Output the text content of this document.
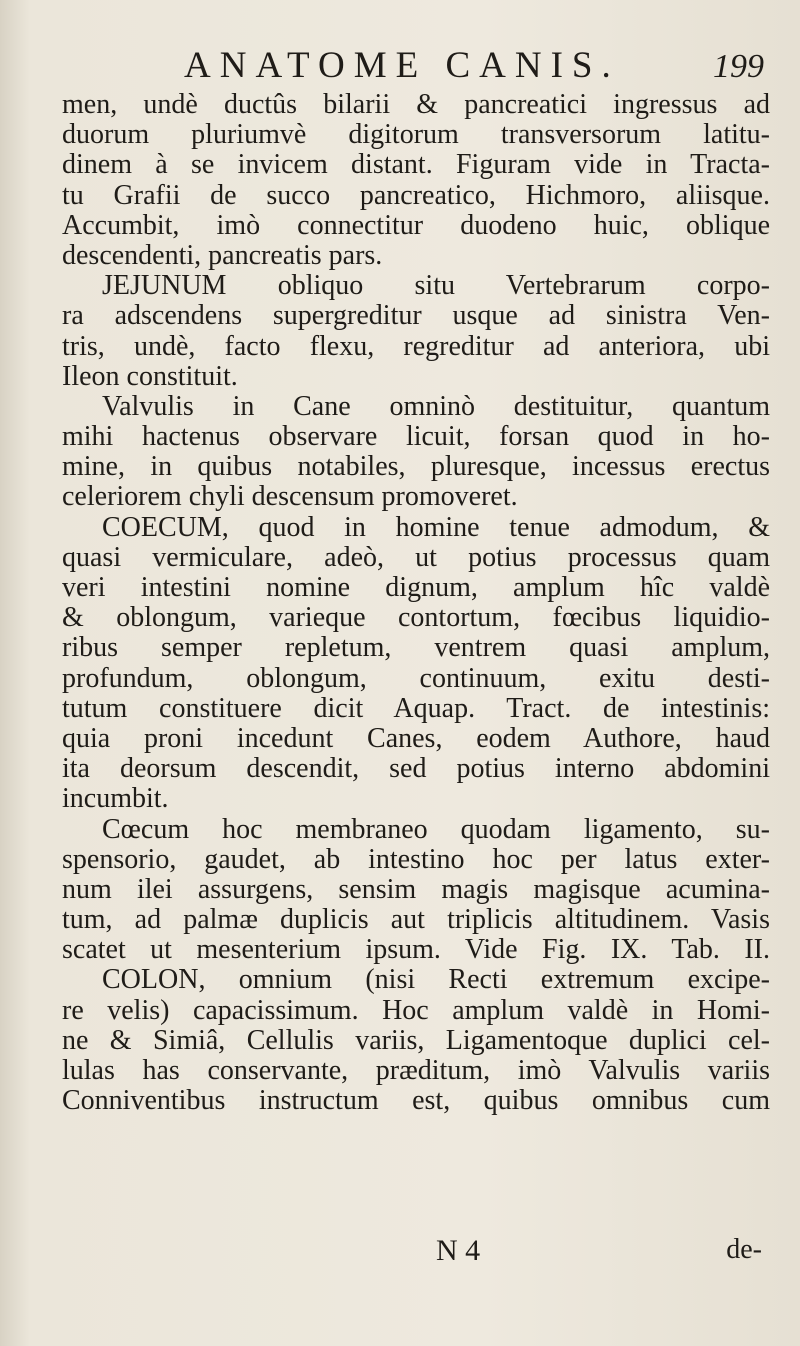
ANATOME CANIS.	199
men, undè ductûs bilarii & pancreatici ingressus ad
duorum pluriumvè digitorum transversorum latitu-
dinem à se invicem distant. Figuram vide in Tracta-
tu Grafii de succo pancreatico, Hichmoro, aliisque.
Accumbit, imò connectitur duodeno huic, oblique
descendenti, pancreatis pars.
JEJUNUM obliquo situ Vertebrarum corpo-
ra adscendens supergreditur usque ad sinistra Ven-
tris, undè, facto flexu, regreditur ad anteriora, ubi
Ileon constituit.
Valvulis in Cane omninò destituitur, quantum
mihi hactenus observare licuit, forsan quod in ho-
mine, in quibus notabiles, pluresque, incessus erectus
celeriorem chyli descensum promoveret.
COECUM, quod in homine tenue admodum, &
quasi vermiculare, adeò, ut potius processus quam
veri intestini nomine dignum, amplum hîc valdè
& oblongum, varieque contortum, fœcibus liquidio-
ribus semper repletum, ventrem quasi amplum,
profundum, oblongum, continuum, exitu desti-
tutum constituere dicit Aquap. Tract. de intestinis:
quia proni incedunt Canes, eodem Authore, haud
ita deorsum descendit, sed potius interno abdomini
incumbit.
Cœcum hoc membraneo quodam ligamento, su-
spensorio, gaudet, ab intestino hoc per latus exter-
num ilei assurgens, sensim magis magisque acumina-
tum, ad palmæ duplicis aut triplicis altitudinem. Vasis
scatet ut mesenterium ipsum. Vide Fig. IX. Tab. II.
COLON, omnium (nisi Recti extremum excipe-
re velis) capacissimum. Hoc amplum valdè in Homi-
ne & Simiâ, Cellulis variis, Ligamentoque duplici cel-
lulas has conservante, præditum, imò Valvulis variis
Conniventibus instructum est, quibus omnibus cum
N 4	de-
